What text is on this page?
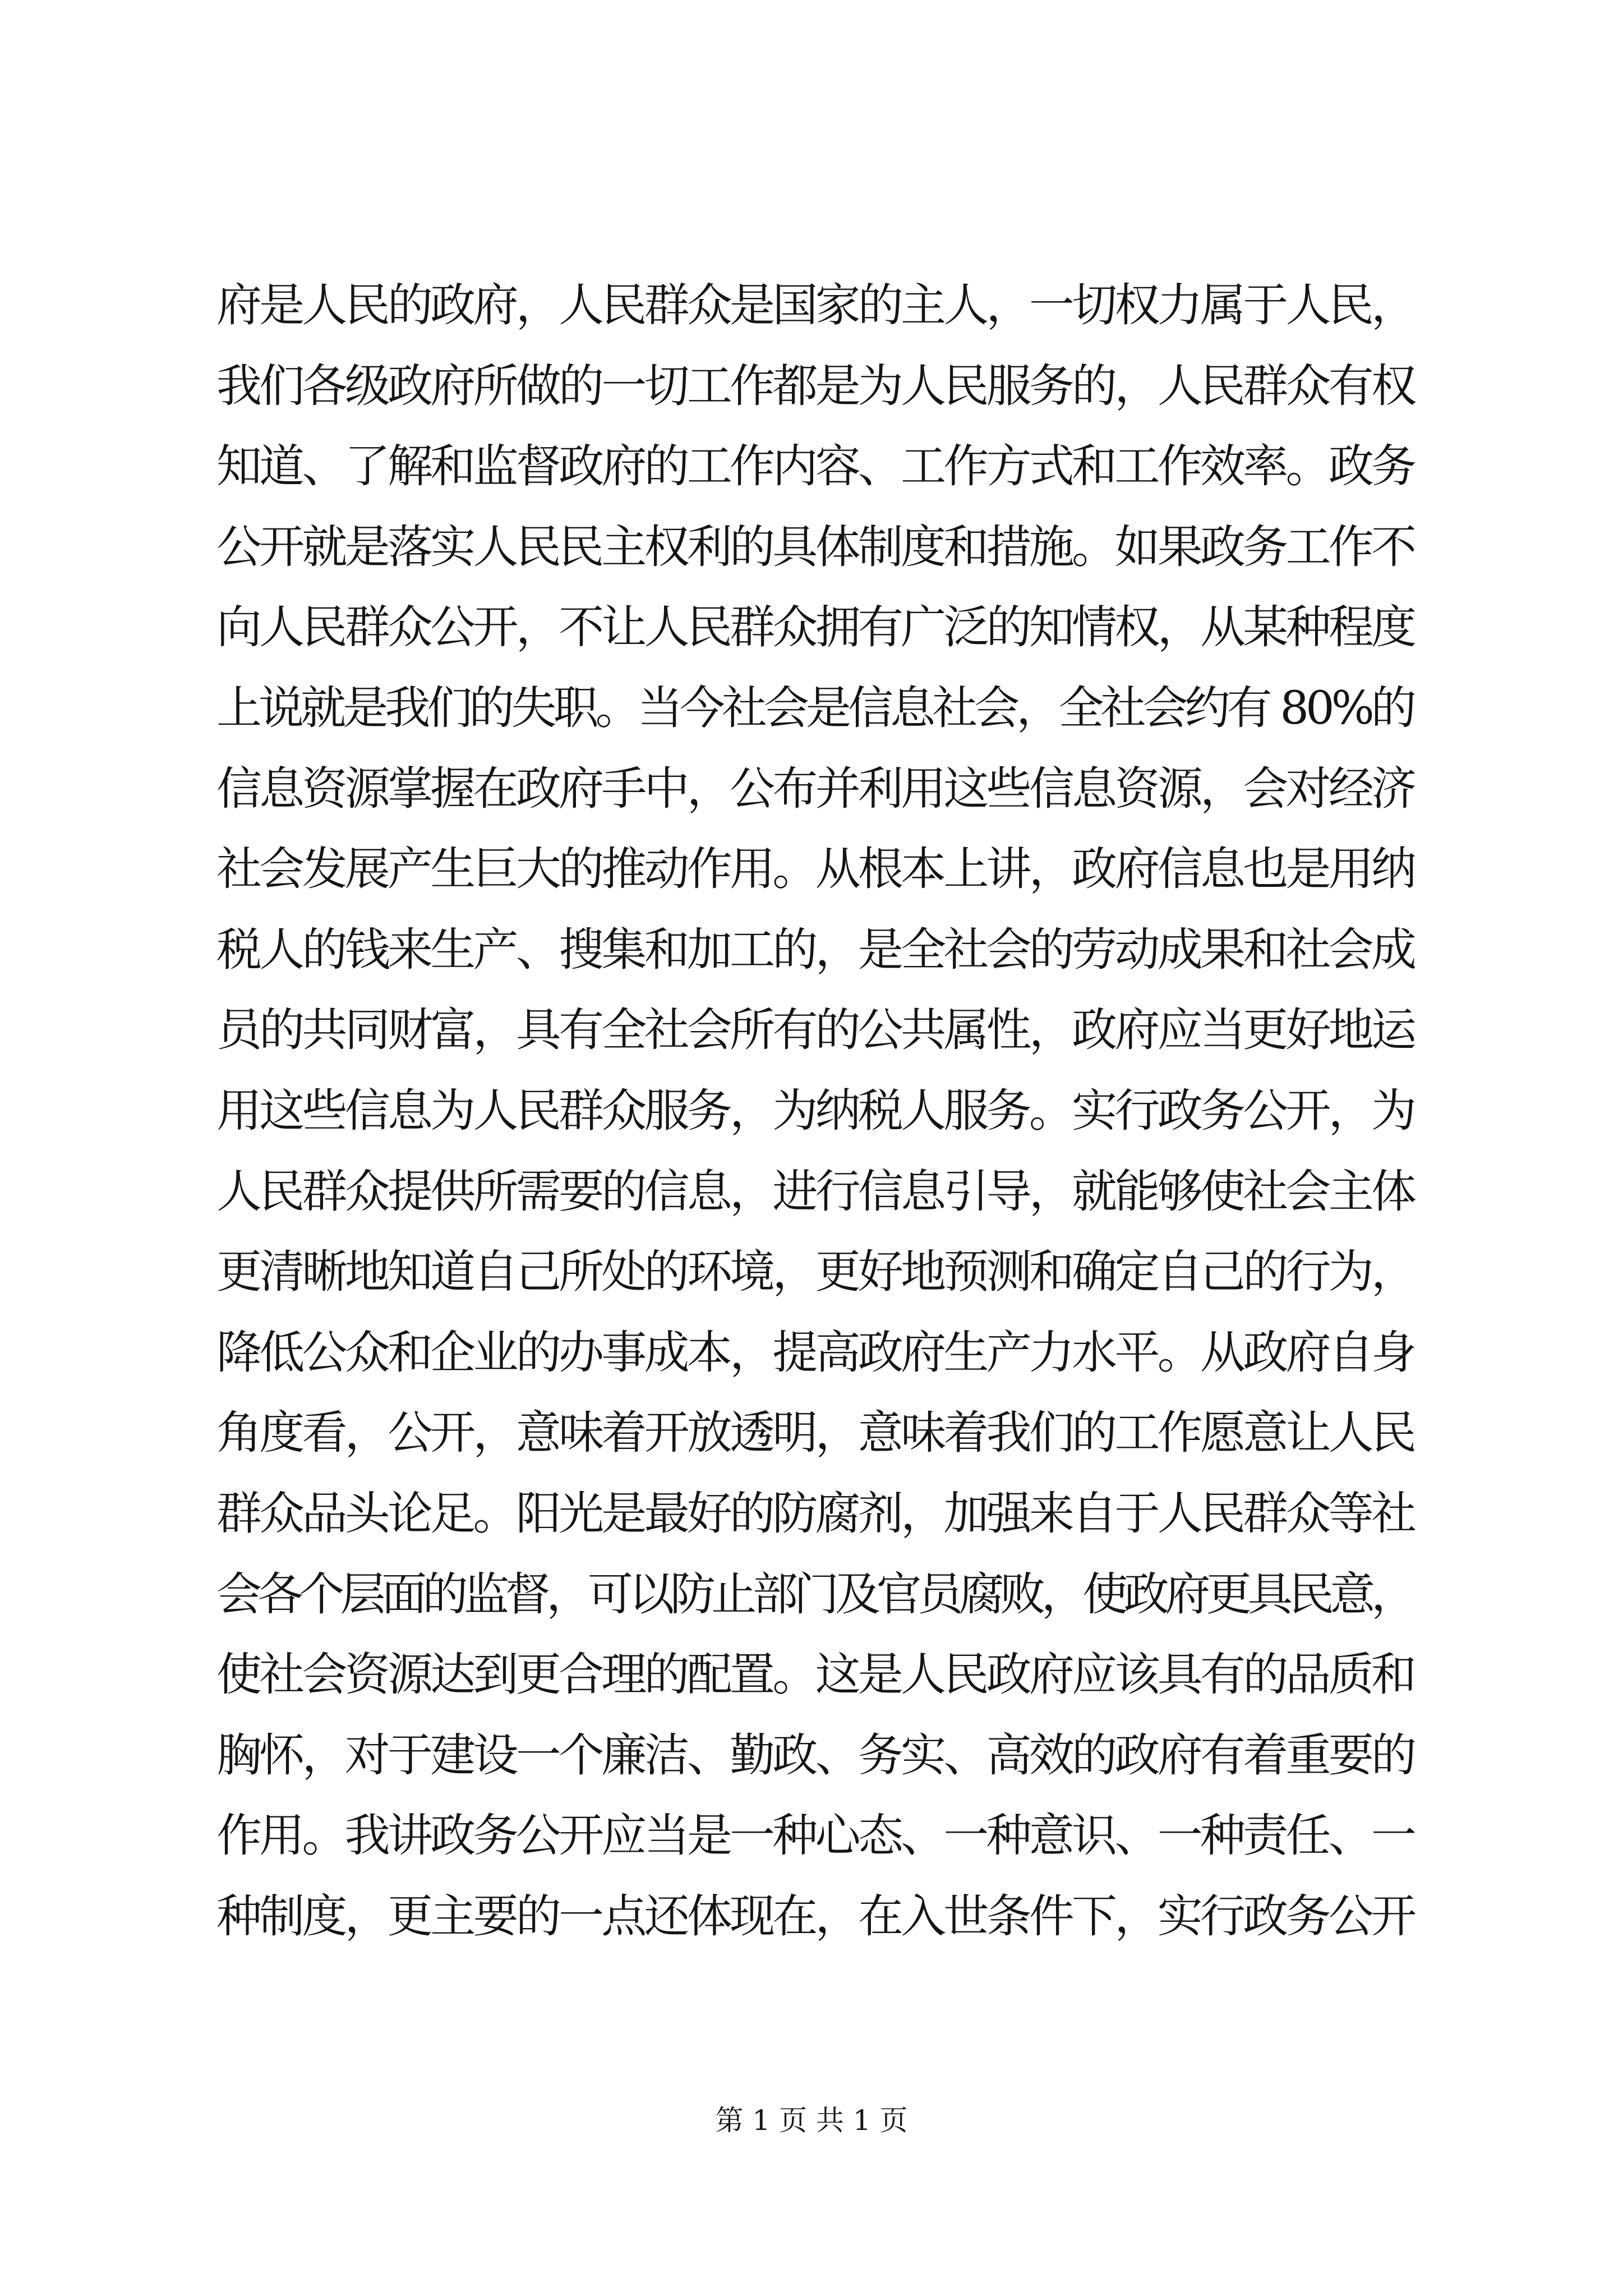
府是人民的政府，人民群众是国家的主人，一切权力属于人民，
我们各级政府所做的一切工作都是为人民服务的，人民群众有权
知道、了解和监督政府的工作内容、工作方式和工作效率。政务
公开就是落实人民民主权利的具体制度和措施。如果政务工作不
向人民群众公开，不让人民群众拥有广泛的知情权，从某种程度
上说就是我们的失职。当今社会是信息社会，全社会约有 80%的
信息资源掌握在政府手中，公布并利用这些信息资源，会对经济
社会发展产生巨大的推动作用。从根本上讲，政府信息也是用纳
税人的钱来生产、搜集和加工的，是全社会的劳动成果和社会成
员的共同财富，具有全社会所有的公共属性，政府应当更好地运
用这些信息为人民群众服务，为纳税人服务。实行政务公开，为
人民群众提供所需要的信息，进行信息引导，就能够使社会主体
更清晰地知道自己所处的环境，更好地预测和确定自己的行为，
降低公众和企业的办事成本，提高政府生产力水平。从政府自身
角度看，公开，意味着开放透明，意味着我们的工作愿意让人民
群众品头论足。阳光是最好的防腐剂，加强来自于人民群众等社
会各个层面的监督，可以防止部门及官员腐败，使政府更具民意，
使社会资源达到更合理的配置。这是人民政府应该具有的品质和
胸怀，对于建设一个廉洁、勤政、务实、高效的政府有着重要的
作用。我讲政务公开应当是一种心态、一种意识、一种责任、一
种制度，更主要的一点还体现在，在入世条件下，实行政务公开
第 1 页 共 1 页
